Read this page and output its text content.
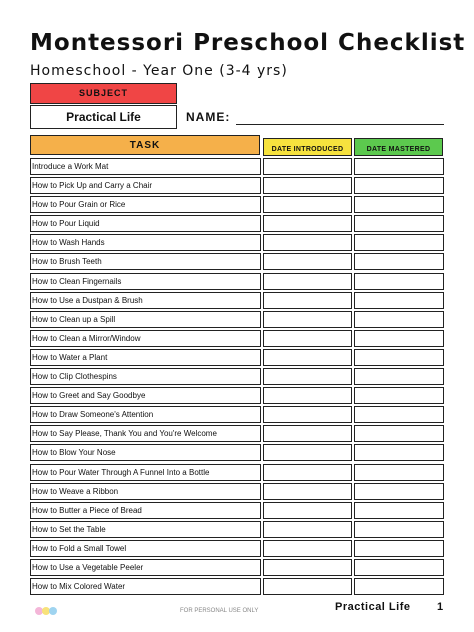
Montessori Preschool Checklist
Homeschool - Year One (3-4 yrs)
SUBJECT
Practical Life	NAME:
TASK	DATE INTRODUCED	DATE MASTERED
Introduce a Work Mat
How to Pick Up and Carry a Chair
How to Pour Grain or Rice
How to Pour Liquid
How to Wash Hands
How to Brush Teeth
How to Clean Fingernails
How to Use a Dustpan & Brush
How to Clean up a Spill
How to Clean a Mirror/Window
How to Water a Plant
How to Clip Clothespins
How to Greet and Say Goodbye
How to Draw Someone's Attention
How to Say Please, Thank You and You're Welcome
How to Blow Your Nose
How to Pour Water Through A Funnel Into a Bottle
How to Weave a Ribbon
How to Butter a Piece of Bread
How to Set the Table
How to Fold a Small Towel
How to Use a Vegetable Peeler
How to Mix Colored Water
FOR PERSONAL USE ONLY	Practical Life 1
